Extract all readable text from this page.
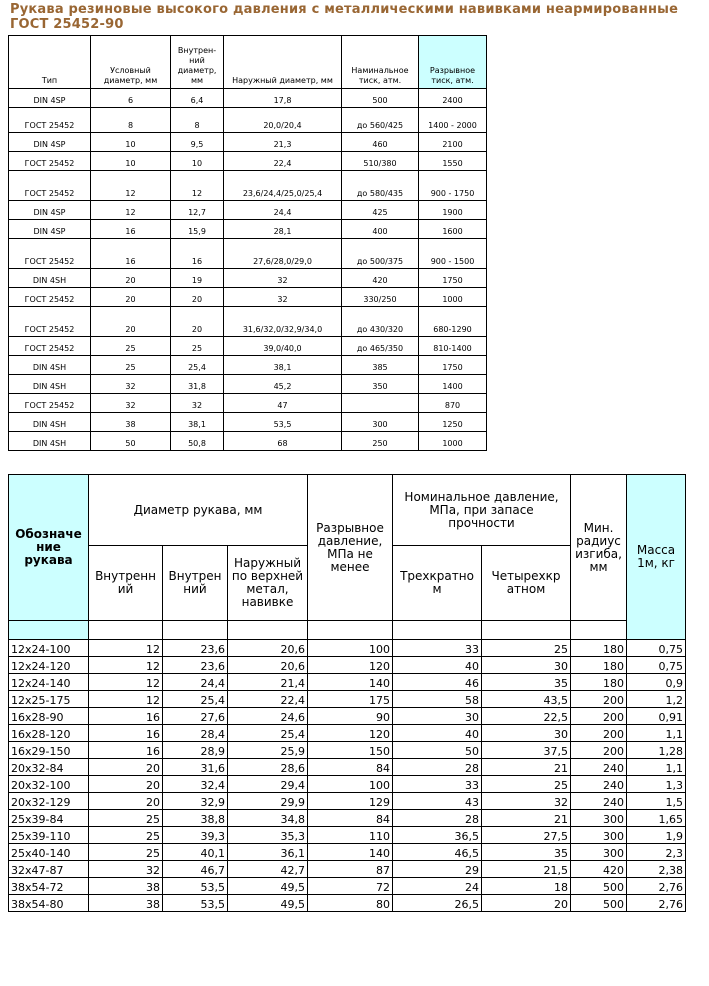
Рукава резиновые высокого давления с металлическими навивками неармированные ГОСТ 25452-90
Тип	Условный диаметр, мм	Внутрен-ний диаметр, мм	Наружный диаметр, мм	Наминальное тиск, атм.	Разрывное тиск, атм.
DIN 4SP	6	6,4	17,8	500	2400
ГОСТ 25452	8	8	20,0/20,4	до 560/425	1400 - 2000
DIN 4SP	10	9,5	21,3	460	2100
ГОСТ 25452	10	10	22,4	510/380	1550
ГОСТ 25452	12	12	23,6/24,4/25,0/25,4	до 580/435	900 - 1750
DIN 4SP	12	12,7	24,4	425	1900
DIN 4SP	16	15,9	28,1	400	1600
ГОСТ 25452	16	16	27,6/28,0/29,0	до 500/375	900 - 1500
DIN 4SH	20	19	32	420	1750
ГОСТ 25452	20	20	32	330/250	1000
ГОСТ 25452	20	20	31,6/32,0/32,9/34,0	до 430/320	680-1290
ГОСТ 25452	25	25	39,0/40,0	до 465/350	810-1400
DIN 4SH	25	25,4	38,1	385	1750
DIN 4SH	32	31,8	45,2	350	1400
ГОСТ 25452	32	32	47		870
DIN 4SH	38	38,1	53,5	300	1250
DIN 4SH	50	50,8	68	250	1000
Обозначе ние рукава	Диаметр рукава, мм			Разрывное давление, МПа не менее	Номинальное давление, МПа, при запасе прочности		Мин. радиус изгиба, мм	Масса 1м, кг
	Внутренн ий	Внутрен ний	Наружный по верхней метал, навивке		Трехкратно м	Четырехкр атном		

12x24-100	12	23,6	20,6	100	33	25	180	0,75
12x24-120	12	23,6	20,6	120	40	30	180	0,75
12x24-140	12	24,4	21,4	140	46	35	180	0,9
12x25-175	12	25,4	22,4	175	58	43,5	200	1,2
16x28-90	16	27,6	24,6	90	30	22,5	200	0,91
16x28-120	16	28,4	25,4	120	40	30	200	1,1
16x29-150	16	28,9	25,9	150	50	37,5	200	1,28
20x32-84	20	31,6	28,6	84	28	21	240	1,1
20x32-100	20	32,4	29,4	100	33	25	240	1,3
20x32-129	20	32,9	29,9	129	43	32	240	1,5
25x39-84	25	38,8	34,8	84	28	21	300	1,65
25x39-110	25	39,3	35,3	110	36,5	27,5	300	1,9
25x40-140	25	40,1	36,1	140	46,5	35	300	2,3
32x47-87	32	46,7	42,7	87	29	21,5	420	2,38
38x54-72	38	53,5	49,5	72	24	18	500	2,76
38x54-80	38	53,5	49,5	80	26,5	20	500	2,76
